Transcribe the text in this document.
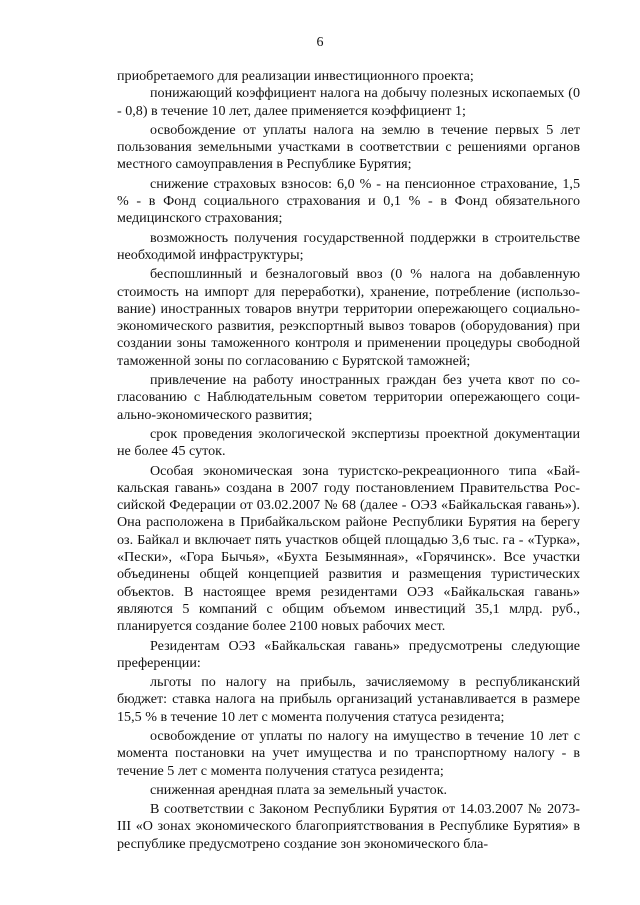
6

приобретаемого для реализации инвестиционного проекта;

понижающий коэффициент налога на добычу полезных ископаемых (0 - 0,8) в течение 10 лет, далее применяется коэффициент 1;

освобождение от уплаты налога на землю в течение первых 5 лет пользования земельными участками в соответствии с решениями органов местного самоуправления в Республике Бурятия;

снижение страховых взносов: 6,0 % - на пенсионное страхование, 1,5 % - в Фонд социального страхования и 0,1 % - в Фонд обязательного медицинского страхования;

возможность получения государственной поддержки в строительстве необходимой инфраструктуры;

беспошлинный и безналоговый ввоз (0 % налога на добавленную стоимость на импорт для переработки), хранение, потребление (использование) иностранных товаров внутри территории опережающего социально-экономического развития, реэкспортный вывоз товаров (оборудования) при создании зоны таможенного контроля и применении процедуры свободной таможенной зоны по согласованию с Бурятской таможней;

привлечение на работу иностранных граждан без учета квот по согласованию с Наблюдательным советом территории опережающего социально-экономического развития;

срок проведения экологической экспертизы проектной документации не более 45 суток.

Особая экономическая зона туристско-рекреационного типа «Байкальская гавань» создана в 2007 году постановлением Правительства Российской Федерации от 03.02.2007 № 68 (далее - ОЭЗ «Байкальская гавань»). Она расположена в Прибайкальском районе Республики Бурятия на берегу оз. Байкал и включает пять участков общей площадью 3,6 тыс. га - «Турка», «Пески», «Гора Бычья», «Бухта Безымянная», «Горячинск». Все участки объединены общей концепцией развития и размещения туристических объектов. В настоящее время резидентами ОЭЗ «Байкальская гавань» являются 5 компаний с общим объемом инвестиций 35,1 млрд. руб., планируется создание более 2100 новых рабочих мест.

Резидентам ОЭЗ «Байкальская гавань» предусмотрены следующие преференции:

льготы по налогу на прибыль, зачисляемому в республиканский бюджет: ставка налога на прибыль организаций устанавливается в размере 15,5 % в течение 10 лет с момента получения статуса резидента;

освобождение от уплаты по налогу на имущество в течение 10 лет с момента постановки на учет имущества и по транспортному налогу - в течение 5 лет с момента получения статуса резидента;

сниженная арендная плата за земельный участок.

В соответствии с Законом Республики Бурятия от 14.03.2007 № 2073-III «О зонах экономического благоприятствования в Республике Бурятия» в республике предусмотрено создание зон экономического бла-
